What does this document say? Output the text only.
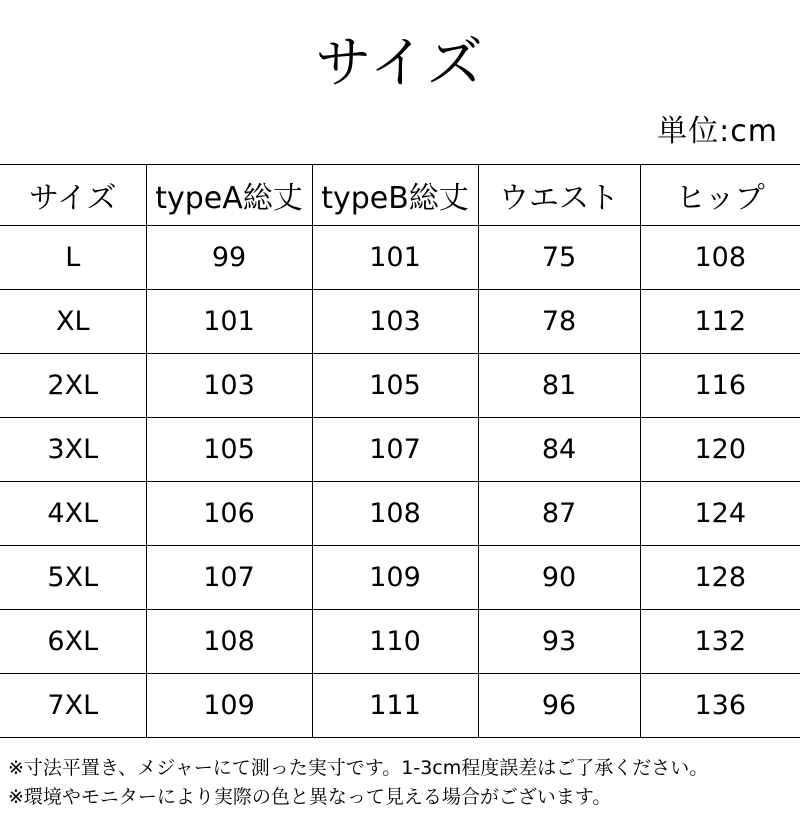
サイズ
単位:cm
サイズ	typeA総丈	typeB総丈	ウエスト	ヒップ
L	99	101	75	108
XL	101	103	78	112
2XL	103	105	81	116
3XL	105	107	84	120
4XL	106	108	87	124
5XL	107	109	90	128
6XL	108	110	93	132
7XL	109	111	96	136
※寸法平置き、メジャーにて測った実寸です。1-3cm程度誤差はご了承ください。
※環境やモニターにより実際の色と異なって見える場合がございます。
